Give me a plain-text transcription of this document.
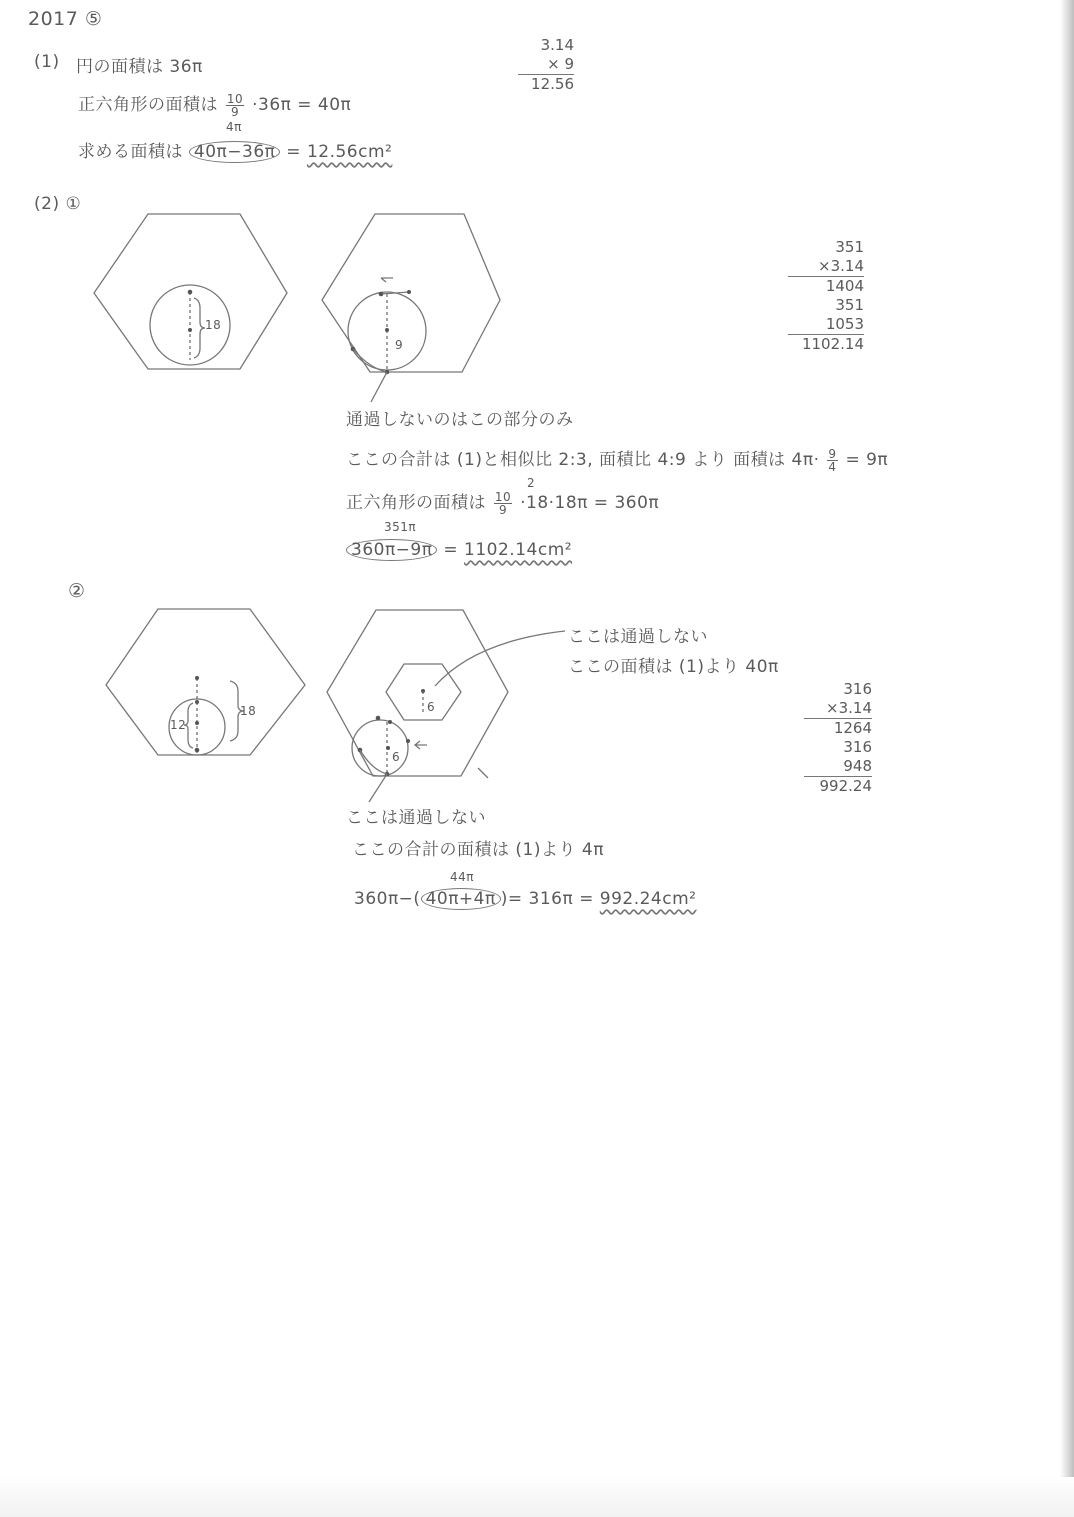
2017 ⑤
(1) 円の面積は 36π
正六角形の面積は $\frac{10}{9} \cdot 36\pi = 40\pi$
求める面積は 40π−36π = 12.56cm²
4π
3.14
× 9
12.56
(2) ①
18
9
通過しないのはこの部分のみ
ここの合計は (1)と相似比 2:3, 面積比 4:9 より 面積は $4\pi\cdot \frac{9}{4} = 9\pi$
正六角形の面積は $\frac{10}{9} \cdot 18\cdot 18\pi = 360\pi$
2
351π
360π−9π = 1102.14cm²
351
×3.14
1404
351
1053
1102.14
②
12
18	6
6
ここは通過しない
ここの面積は (1)より 40π
ここは通過しない
ここの合計の面積は (1)より 4π
44π
360π−( 40π+4π )= 316π = 992.24cm²
316
×3.14
1264
316
948
992.24
